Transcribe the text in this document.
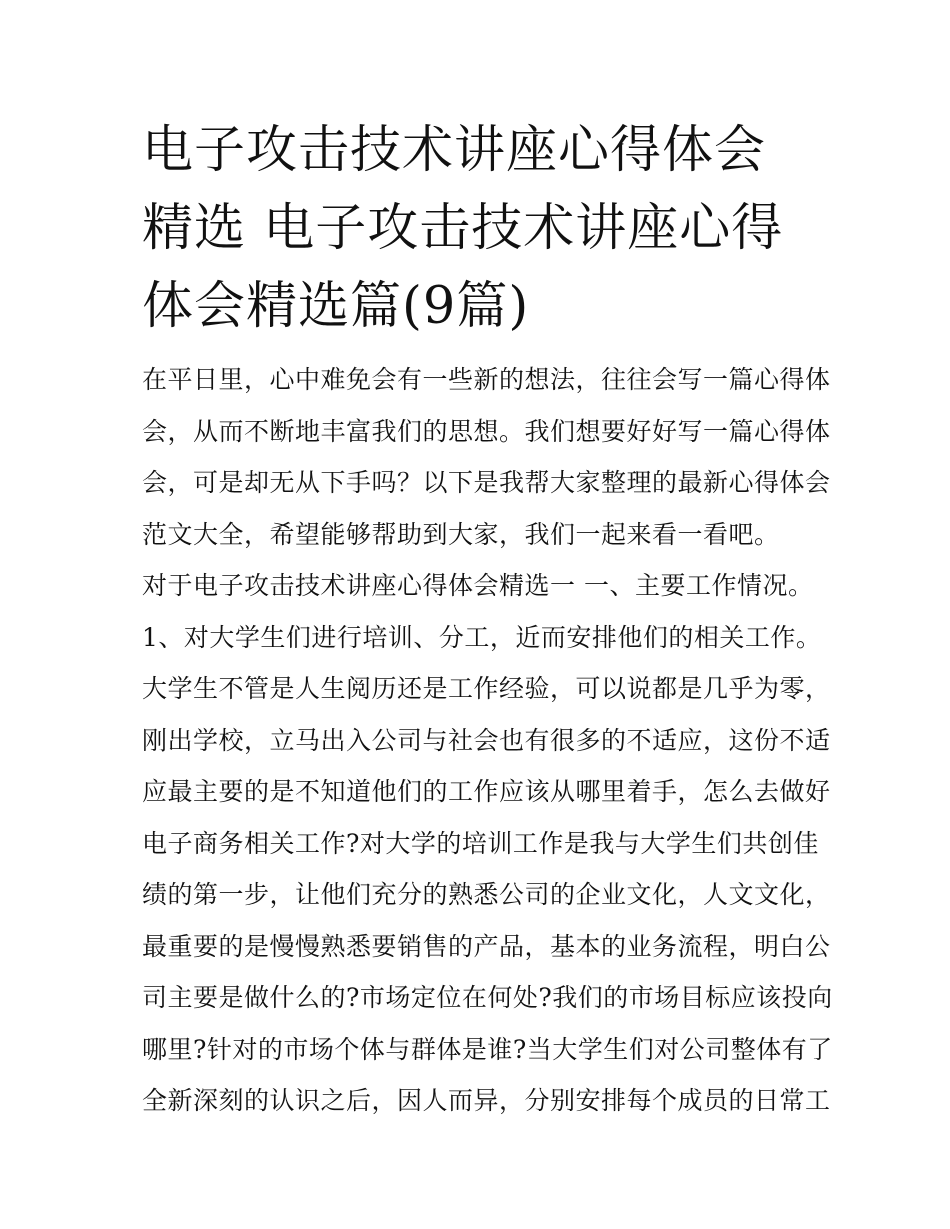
电子攻击技术讲座心得体会精选 电子攻击技术讲座心得体会精选篇(9篇)
在平日里，心中难免会有一些新的想法，往往会写一篇心得体
会，从而不断地丰富我们的思想。我们想要好好写一篇心得体
会，可是却无从下手吗？以下是我帮大家整理的最新心得体会
范文大全，希望能够帮助到大家，我们一起来看一看吧。
对于电子攻击技术讲座心得体会精选一 一、主要工作情况。
1、对大学生们进行培训、分工，近而安排他们的相关工作。
大学生不管是人生阅历还是工作经验，可以说都是几乎为零，
刚出学校，立马出入公司与社会也有很多的不适应，这份不适
应最主要的是不知道他们的工作应该从哪里着手，怎么去做好
电子商务相关工作?对大学的培训工作是我与大学生们共创佳
绩的第一步，让他们充分的熟悉公司的企业文化，人文文化，
最重要的是慢慢熟悉要销售的产品，基本的业务流程，明白公
司主要是做什么的?市场定位在何处?我们的市场目标应该投向
哪里?针对的市场个体与群体是谁?当大学生们对公司整体有了
全新深刻的认识之后，因人而异，分别安排每个成员的日常工
